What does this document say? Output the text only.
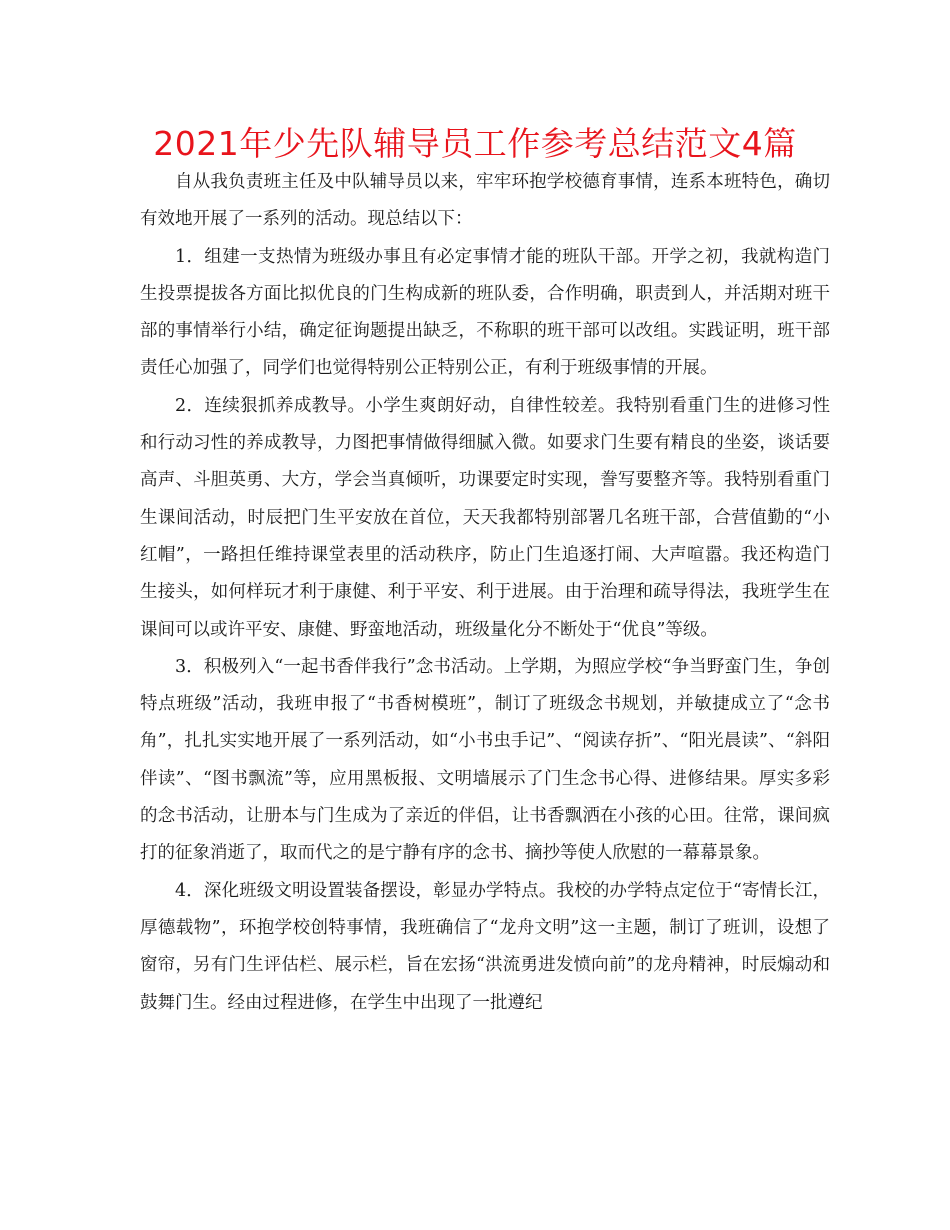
2021年少先队辅导员工作参考总结范文4篇

自从我负责班主任及中队辅导员以来，牢牢环抱学校德育事情，连系本班特色，确切有效地开展了一系列的活动。现总结以下：

1．组建一支热情为班级办事且有必定事情才能的班队干部。开学之初，我就构造门生投票提拔各方面比拟优良的门生构成新的班队委，合作明确，职责到人，并活期对班干部的事情举行小结，确定征询题提出缺乏，不称职的班干部可以改组。实践证明，班干部责任心加强了，同学们也觉得特别公正特别公正，有利于班级事情的开展。

2．连续狠抓养成教导。小学生爽朗好动，自律性较差。我特别看重门生的进修习性和行动习性的养成教导，力图把事情做得细腻入微。如要求门生要有精良的坐姿，谈话要高声、斗胆英勇、大方，学会当真倾听，功课要定时实现，誊写要整齐等。我特别看重门生课间活动，时辰把门生平安放在首位，天天我都特别部署几名班干部，合营值勤的“小红帽”，一路担任维持课堂表里的活动秩序，防止门生追逐打闹、大声喧嚣。我还构造门生接头，如何样玩才利于康健、利于平安、利于进展。由于治理和疏导得法，我班学生在课间可以或许平安、康健、野蛮地活动，班级量化分不断处于“优良”等级。

3．积极列入“一起书香伴我行”念书活动。上学期，为照应学校“争当野蛮门生，争创特点班级”活动，我班申报了“书香树模班”，制订了班级念书规划，并敏捷成立了“念书角”，扎扎实实地开展了一系列活动，如“小书虫手记”、“阅读存折”、“阳光晨读”、“斜阳伴读”、“图书飘流”等，应用黑板报、文明墙展示了门生念书心得、进修结果。厚实多彩的念书活动，让册本与门生成为了亲近的伴侣，让书香飘洒在小孩的心田。往常，课间疯打的征象消逝了，取而代之的是宁静有序的念书、摘抄等使人欣慰的一幕幕景象。

4．深化班级文明设置装备摆设，彰显办学特点。我校的办学特点定位于“寄情长江，厚德载物”，环抱学校创特事情，我班确信了“龙舟文明”这一主题，制订了班训，设想了窗帘，另有门生评估栏、展示栏，旨在宏扬“洪流勇进发愤向前”的龙舟精神，时辰煽动和鼓舞门生。经由过程进修，在学生中出现了一批遵纪
